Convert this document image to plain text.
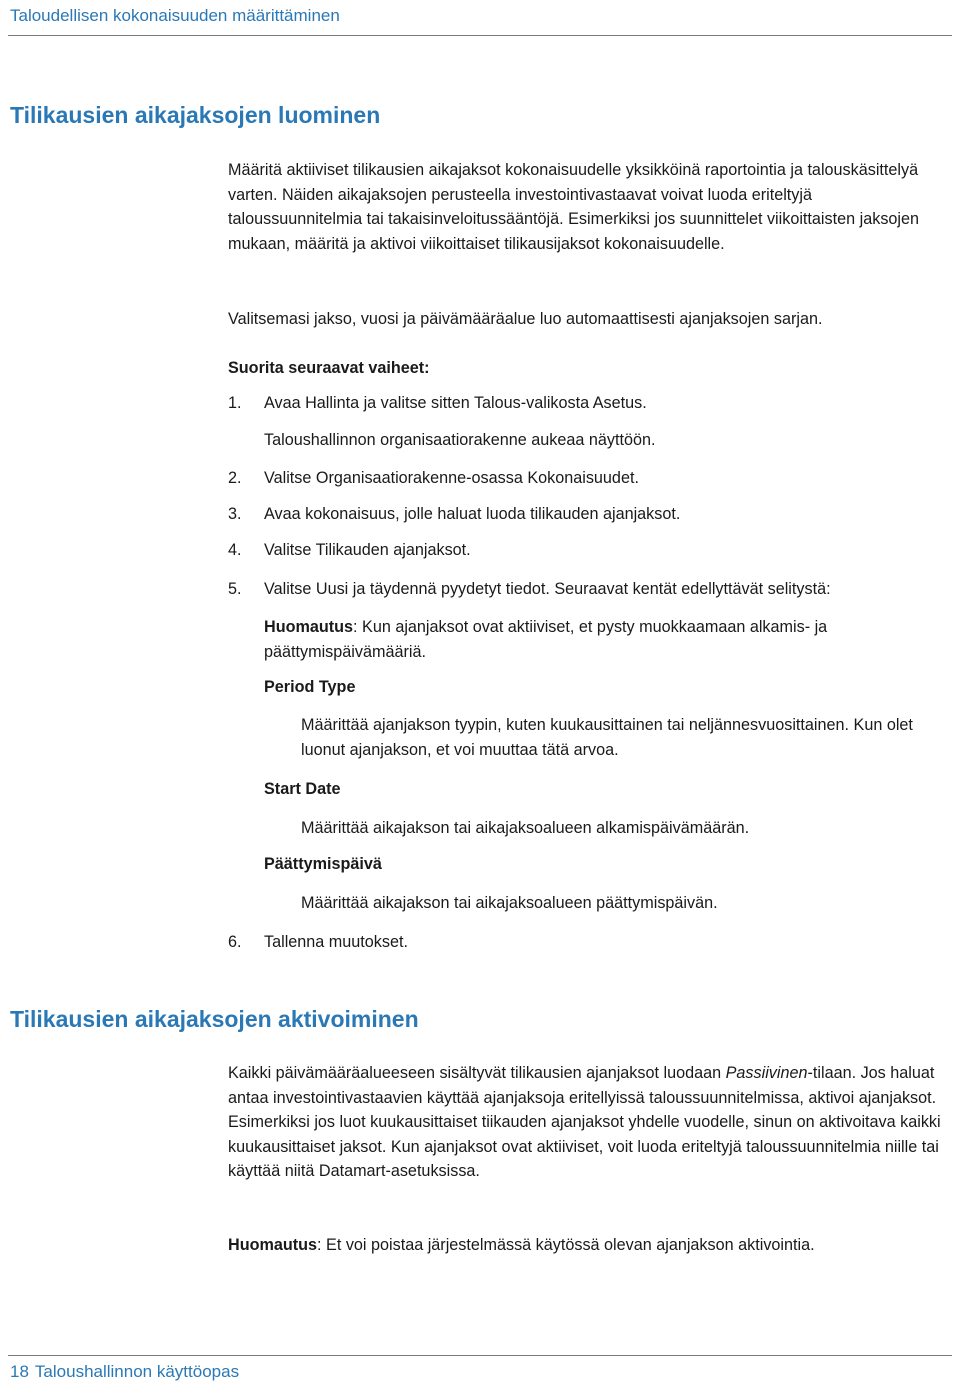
Taloudellisen kokonaisuuden määrittäminen
Tilikausien aikajaksojen luominen
Määritä aktiiviset tilikausien aikajaksot kokonaisuudelle yksikköinä raportointia ja talouskäsittelyä varten. Näiden aikajaksojen perusteella investointivastaavat voivat luoda eriteltyjä taloussuunnitelmia tai takaisinveloitussääntöjä. Esimerkiksi jos suunnittelet viikoittaisten jaksojen mukaan, määritä ja aktivoi viikoittaiset tilikausijaksot kokonaisuudelle.
Valitsemasi jakso, vuosi ja päivämääräalue luo automaattisesti ajanjaksojen sarjan.
Suorita seuraavat vaiheet:
1. Avaa Hallinta ja valitse sitten Talous-valikosta Asetus.
Taloushallinnon organisaatiorakenne aukeaa näyttöön.
2. Valitse Organisaatiorakenne-osassa Kokonaisuudet.
3. Avaa kokonaisuus, jolle haluat luoda tilikauden ajanjaksot.
4. Valitse Tilikauden ajanjaksot.
5. Valitse Uusi ja täydennä pyydetyt tiedot. Seuraavat kentät edellyttävät selitystä:
Huomautus: Kun ajanjaksot ovat aktiiviset, et pysty muokkaamaan alkamis- ja päättymispäivämääriä.
Period Type
Määrittää ajanjakson tyypin, kuten kuukausittainen tai neljännesvuosittainen. Kun olet luonut ajanjakson, et voi muuttaa tätä arvoa.
Start Date
Määrittää aikajakson tai aikajaksoalueen alkamispäivämäärän.
Päättymispäivä
Määrittää aikajakson tai aikajaksoalueen päättymispäivän.
6. Tallenna muutokset.
Tilikausien aikajaksojen aktivoiminen
Kaikki päivämääräalueeseen sisältyvät tilikausien ajanjaksot luodaan Passiivinen-tilaan. Jos haluat antaa investointivastaavien käyttää ajanjaksoja eritellyissä taloussuunnitelmissa, aktivoi ajanjaksot. Esimerkiksi jos luot kuukausittaiset tiikauden ajanjaksot yhdelle vuodelle, sinun on aktivoitava kaikki kuukausittaiset jaksot. Kun ajanjaksot ovat aktiiviset, voit luoda eriteltyjä taloussuunnitelmia niille tai käyttää niitä Datamart-asetuksissa.
Huomautus: Et voi poistaa järjestelmässä käytössä olevan ajanjakson aktivointia.
18 Taloushallinnon käyttöopas
